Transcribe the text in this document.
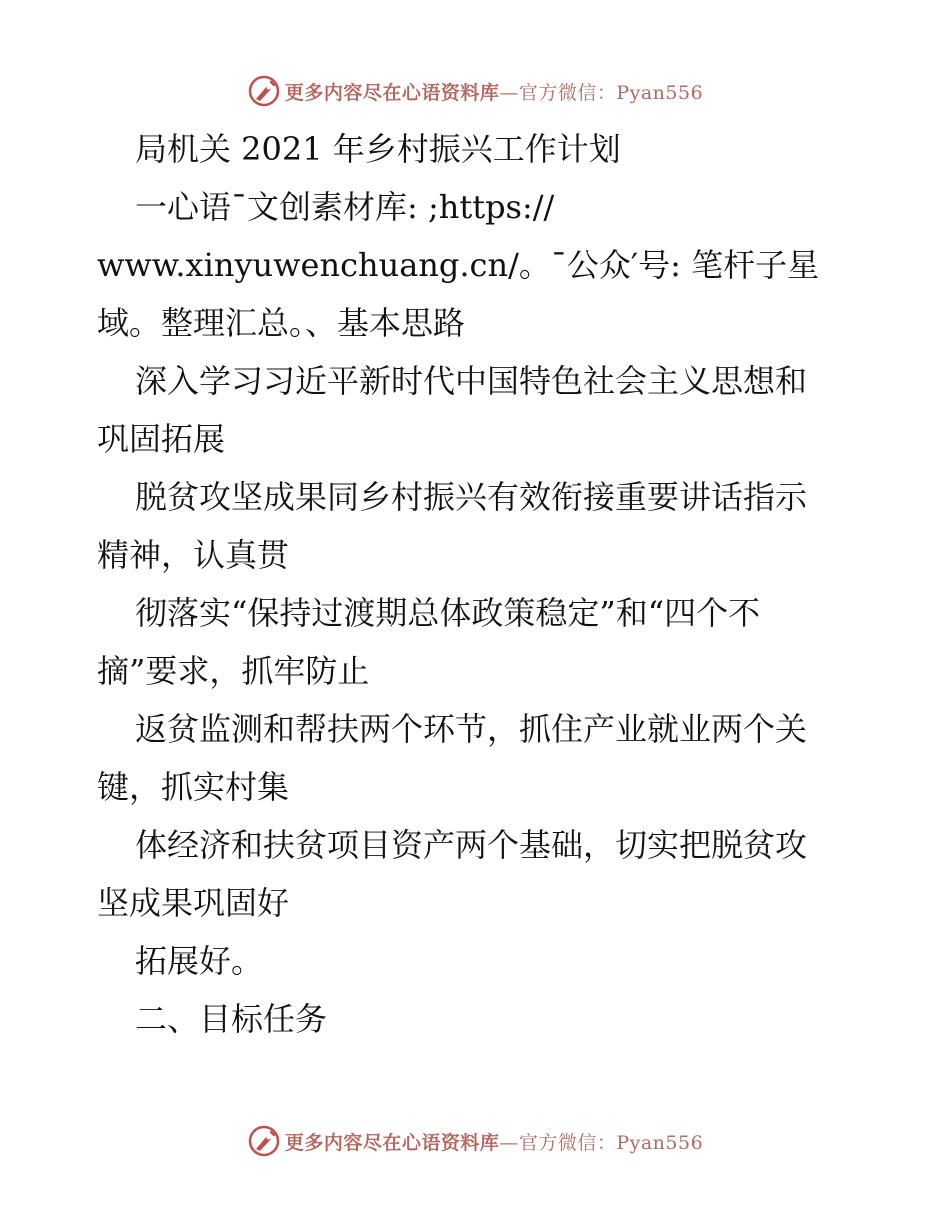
更多内容尽在心语资料库—官方微信：Pyan556
局机关 2021 年乡村振兴工作计划
一心语¯文创素材库: ;https://
www.xinyuwenchuang.cn/。¯公众′号: 笔杆子星
域。整理汇总。、基本思路
深入学习习近平新时代中国特色社会主义思想和
巩固拓展
脱贫攻坚成果同乡村振兴有效衔接重要讲话指示
精神，认真贯
彻落实“保持过渡期总体政策稳定”和“四个不
摘”要求，抓牢防止
返贫监测和帮扶两个环节，抓住产业就业两个关
键，抓实村集
体经济和扶贫项目资产两个基础，切实把脱贫攻
坚成果巩固好
拓展好。
二、目标任务
更多内容尽在心语资料库—官方微信：Pyan556
